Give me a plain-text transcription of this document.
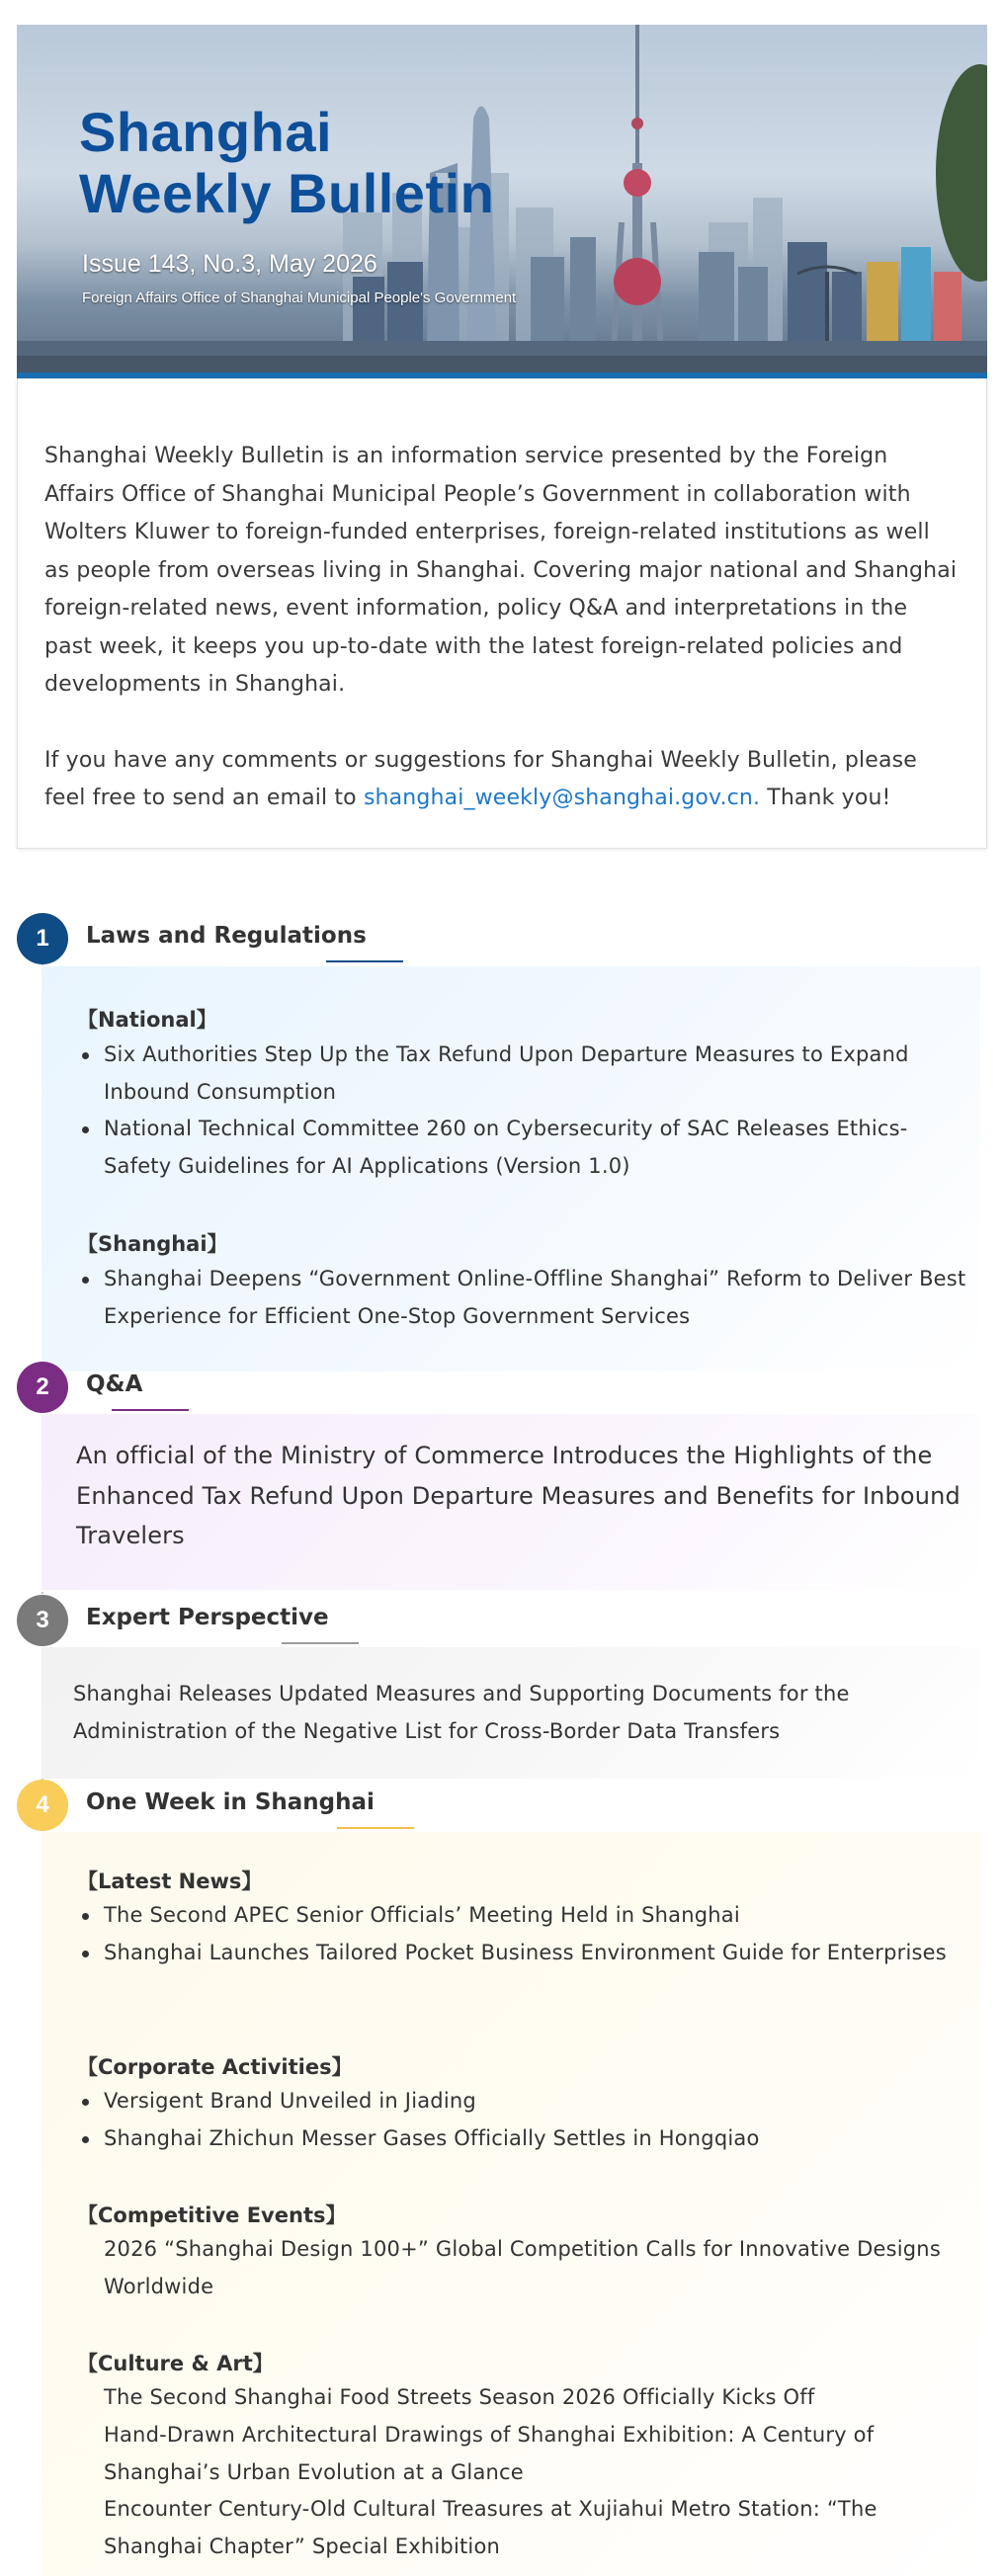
Shanghai
Weekly Bulletin
Issue 143, No.3, May 2026
Foreign Affairs Office of Shanghai Municipal People's Government

Shanghai Weekly Bulletin is an information service presented by the Foreign Affairs Office of Shanghai Municipal People’s Government in collaboration with Wolters Kluwer to foreign-funded enterprises, foreign-related institutions as well as people from overseas living in Shanghai. Covering major national and Shanghai foreign-related news, event information, policy Q&A and interpretations in the past week, it keeps you up-to-date with the latest foreign-related policies and developments in Shanghai.

If you have any comments or suggestions for Shanghai Weekly Bulletin, please feel free to send an email to shanghai_weekly@shanghai.gov.cn. Thank you!

【National】
Six Authorities Step Up the Tax Refund Upon Departure Measures to Expand Inbound Consumption
National Technical Committee 260 on Cybersecurity of SAC Releases Ethics-Safety Guidelines for AI Applications (Version 1.0)
【Shanghai】
Shanghai Deepens “Government Online-Offline Shanghai” Reform to Deliver Best Experience for Efficient One-Stop Government Services
An official of the Ministry of Commerce Introduces the Highlights of the Enhanced Tax Refund Upon Departure Measures and Benefits for Inbound Travelers
Shanghai Releases Updated Measures and Supporting Documents for the Administration of the Negative List for Cross-Border Data Transfers
【Latest News】
The Second APEC Senior Officials’ Meeting Held in Shanghai
Shanghai Launches Tailored Pocket Business Environment Guide for Enterprises
【Corporate Activities】
Versigent Brand Unveiled in Jiading
Shanghai Zhichun Messer Gases Officially Settles in Hongqiao
【Competitive Events】
2026 “Shanghai Design 100+” Global Competition Calls for Innovative Designs Worldwide
【Culture & Art】
The Second Shanghai Food Streets Season 2026 Officially Kicks Off
Hand-Drawn Architectural Drawings of Shanghai Exhibition: A Century of Shanghai’s Urban Evolution at a Glance
Encounter Century-Old Cultural Treasures at Xujiahui Metro Station: “The Shanghai Chapter” Special Exhibition
1	Laws and Regulations
2	Q&A
3	Expert Perspective
4	One Week in Shanghai
